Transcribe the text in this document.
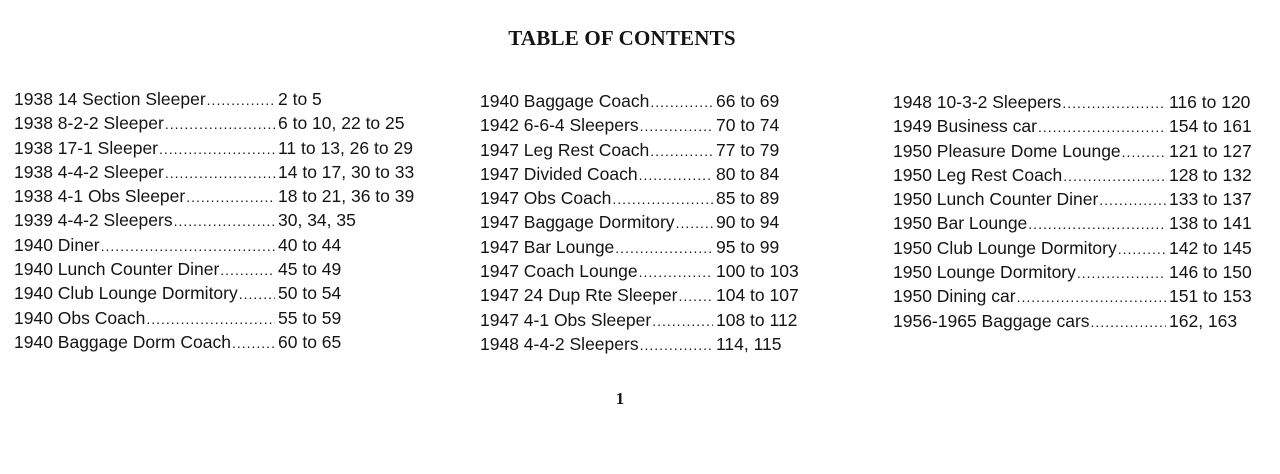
TABLE OF CONTENTS
1938 14 Section Sleeper .....	2 to 5
1938 8-2-2 Sleeper .....	6 to 10, 22 to 25
1938 17-1 Sleeper .....	11 to 13, 26 to 29
1938 4-4-2 Sleeper .....	14 to 17, 30 to 33
1938 4-1 Obs Sleeper .....	18 to 21, 36 to 39
1939 4-4-2 Sleepers .....	30, 34, 35
1940 Diner .....	40 to 44
1940 Lunch Counter Diner .....	45 to 49
1940 Club Lounge Dormitory ..... 50 to 54
1940 Obs Coach .....	55 to 59
1940 Baggage Dorm Coach .....	60 to 65
1940 Baggage Coach .....	66 to 69
1942 6-6-4 Sleepers .....	70 to 74
1947 Leg Rest Coach .....	77 to 79
1947 Divided Coach .....	80 to 84
1947 Obs Coach .....	85 to 89
1947 Baggage Dormitory ..... 90 to 94
1947 Bar Lounge .....	95 to 99
1947 Coach Lounge .....	100 to 103
1947 24 Dup Rte Sleeper ..... 104 to 107
1947 4-1 Obs Sleeper .....	108 to 112
1948 4-4-2 Sleepers .....	114, 115
1948 10-3-2 Sleepers .....	116 to 120
1949 Business car .....	154 to 161
1950 Pleasure Dome Lounge .....	121 to 127
1950 Leg Rest Coach .....	128 to 132
1950 Lunch Counter Diner .....	133 to 137
1950 Bar Lounge .....	138 to 141
1950 Club Lounge Dormitory .....	142 to 145
1950 Lounge Dormitory .....	146 to 150
1950 Dining car .....	151 to 153
1956-1965 Baggage cars .....	162, 163
1
